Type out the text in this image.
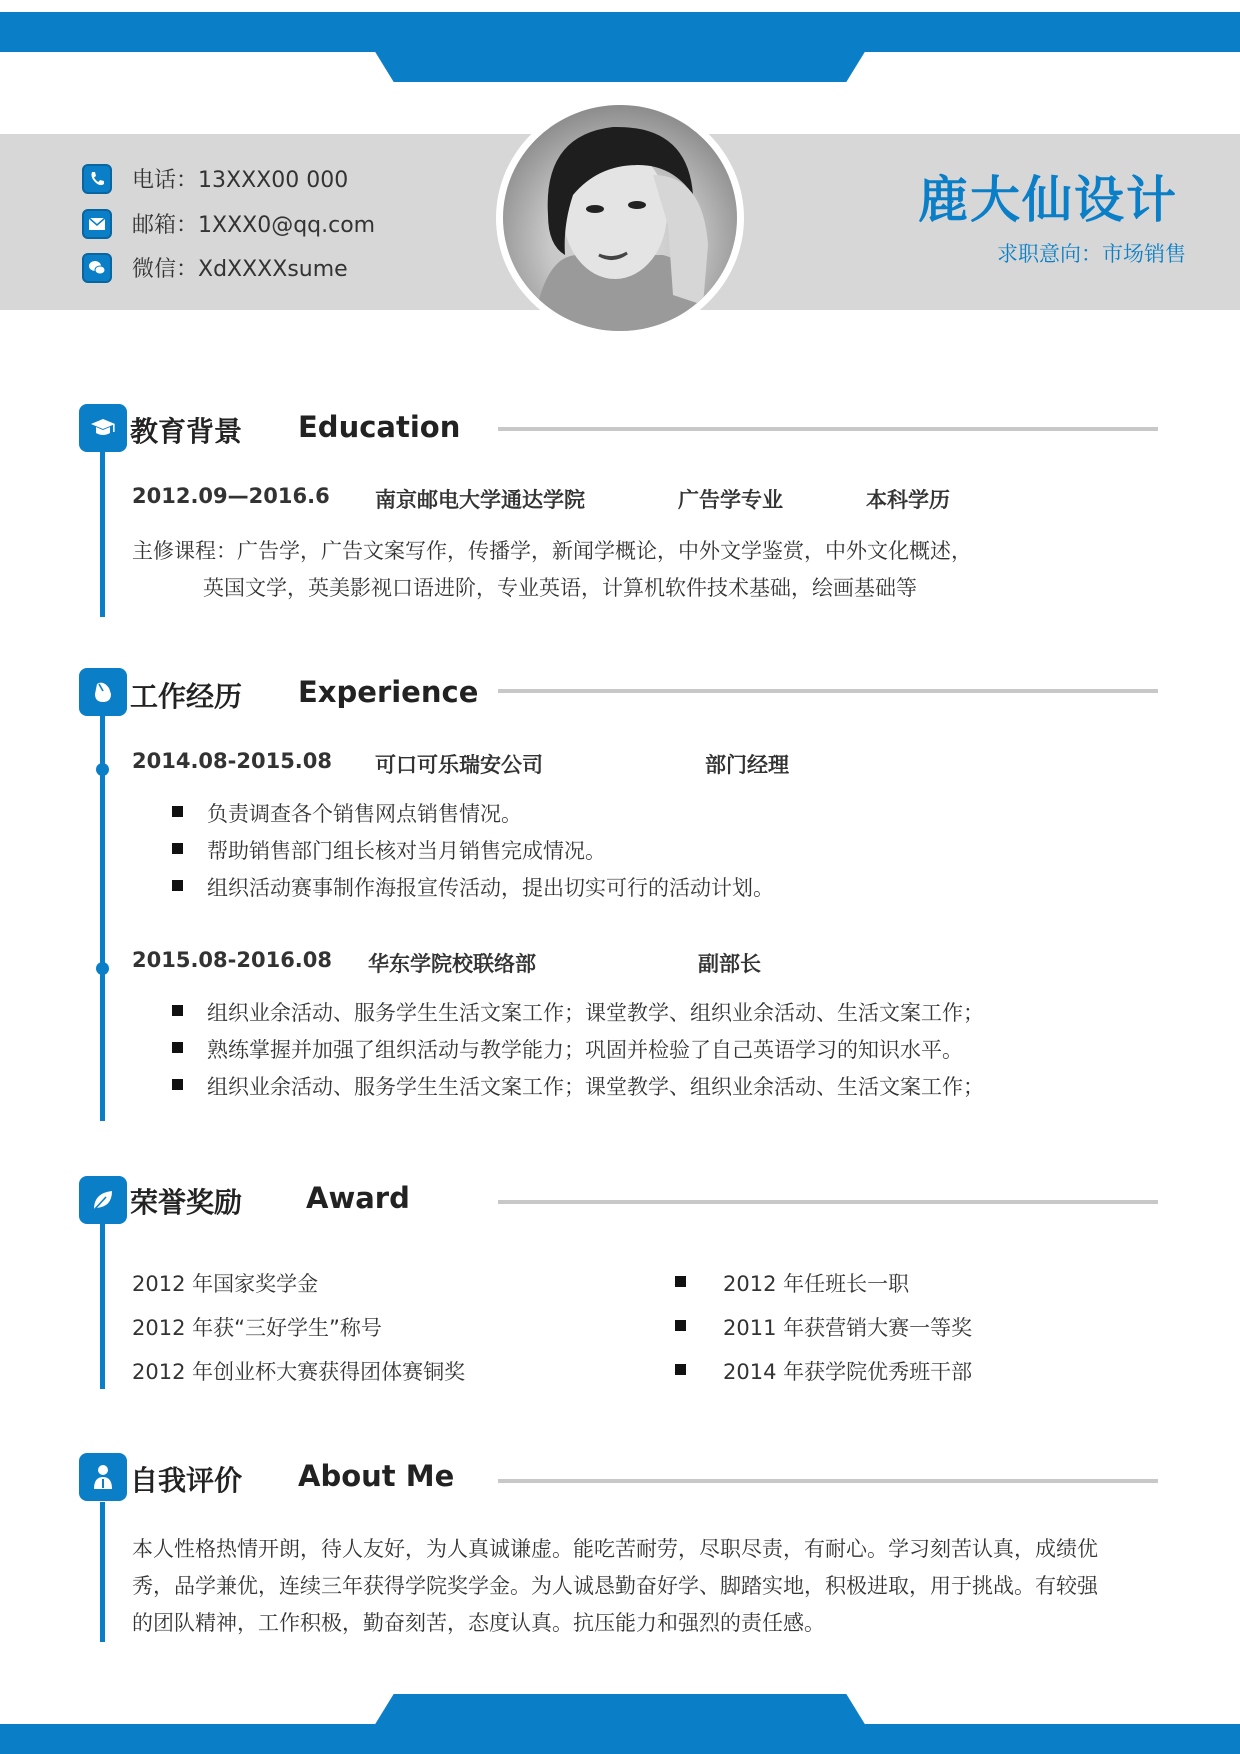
电话：13XXX00 000
邮箱：1XXX0@qq.com
微信：XdXXXXsume
鹿大仙设计
求职意向：市场销售
教育背景 Education
2012.09—2016.6 南京邮电大学通达学院	广告学专业	本科学历
主修课程：广告学，广告文案写作，传播学，新闻学概论，中外文学鉴赏，中外文化概述，
英国文学，英美影视口语进阶，专业英语，计算机软件技术基础，绘画基础等
工作经历 Experience
2014.08-2015.08 可口可乐瑞安公司	部门经理
负责调查各个销售网点销售情况。
帮助销售部门组长核对当月销售完成情况。
组织活动赛事制作海报宣传活动，提出切实可行的活动计划。
2015.08-2016.08 华东学院校联络部	副部长
组织业余活动、服务学生生活文案工作；课堂教学、组织业余活动、生活文案工作；
熟练掌握并加强了组织活动与教学能力；巩固并检验了自己英语学习的知识水平。
组织业余活动、服务学生生活文案工作；课堂教学、组织业余活动、生活文案工作；
荣誉奖励 Award
2012 年国家奖学金
2012 年获“三好学生”称号
2012 年创业杯大赛获得团体赛铜奖
2012 年任班长一职
2011 年获营销大赛一等奖
2014 年获学院优秀班干部
自我评价 About Me
本人性格热情开朗，待人友好，为人真诚谦虚。能吃苦耐劳，尽职尽责，有耐心。学习刻苦认真，成绩优
秀，品学兼优，连续三年获得学院奖学金。为人诚恳勤奋好学、脚踏实地，积极进取，用于挑战。有较强
的团队精神，工作积极，勤奋刻苦，态度认真。抗压能力和强烈的责任感。
